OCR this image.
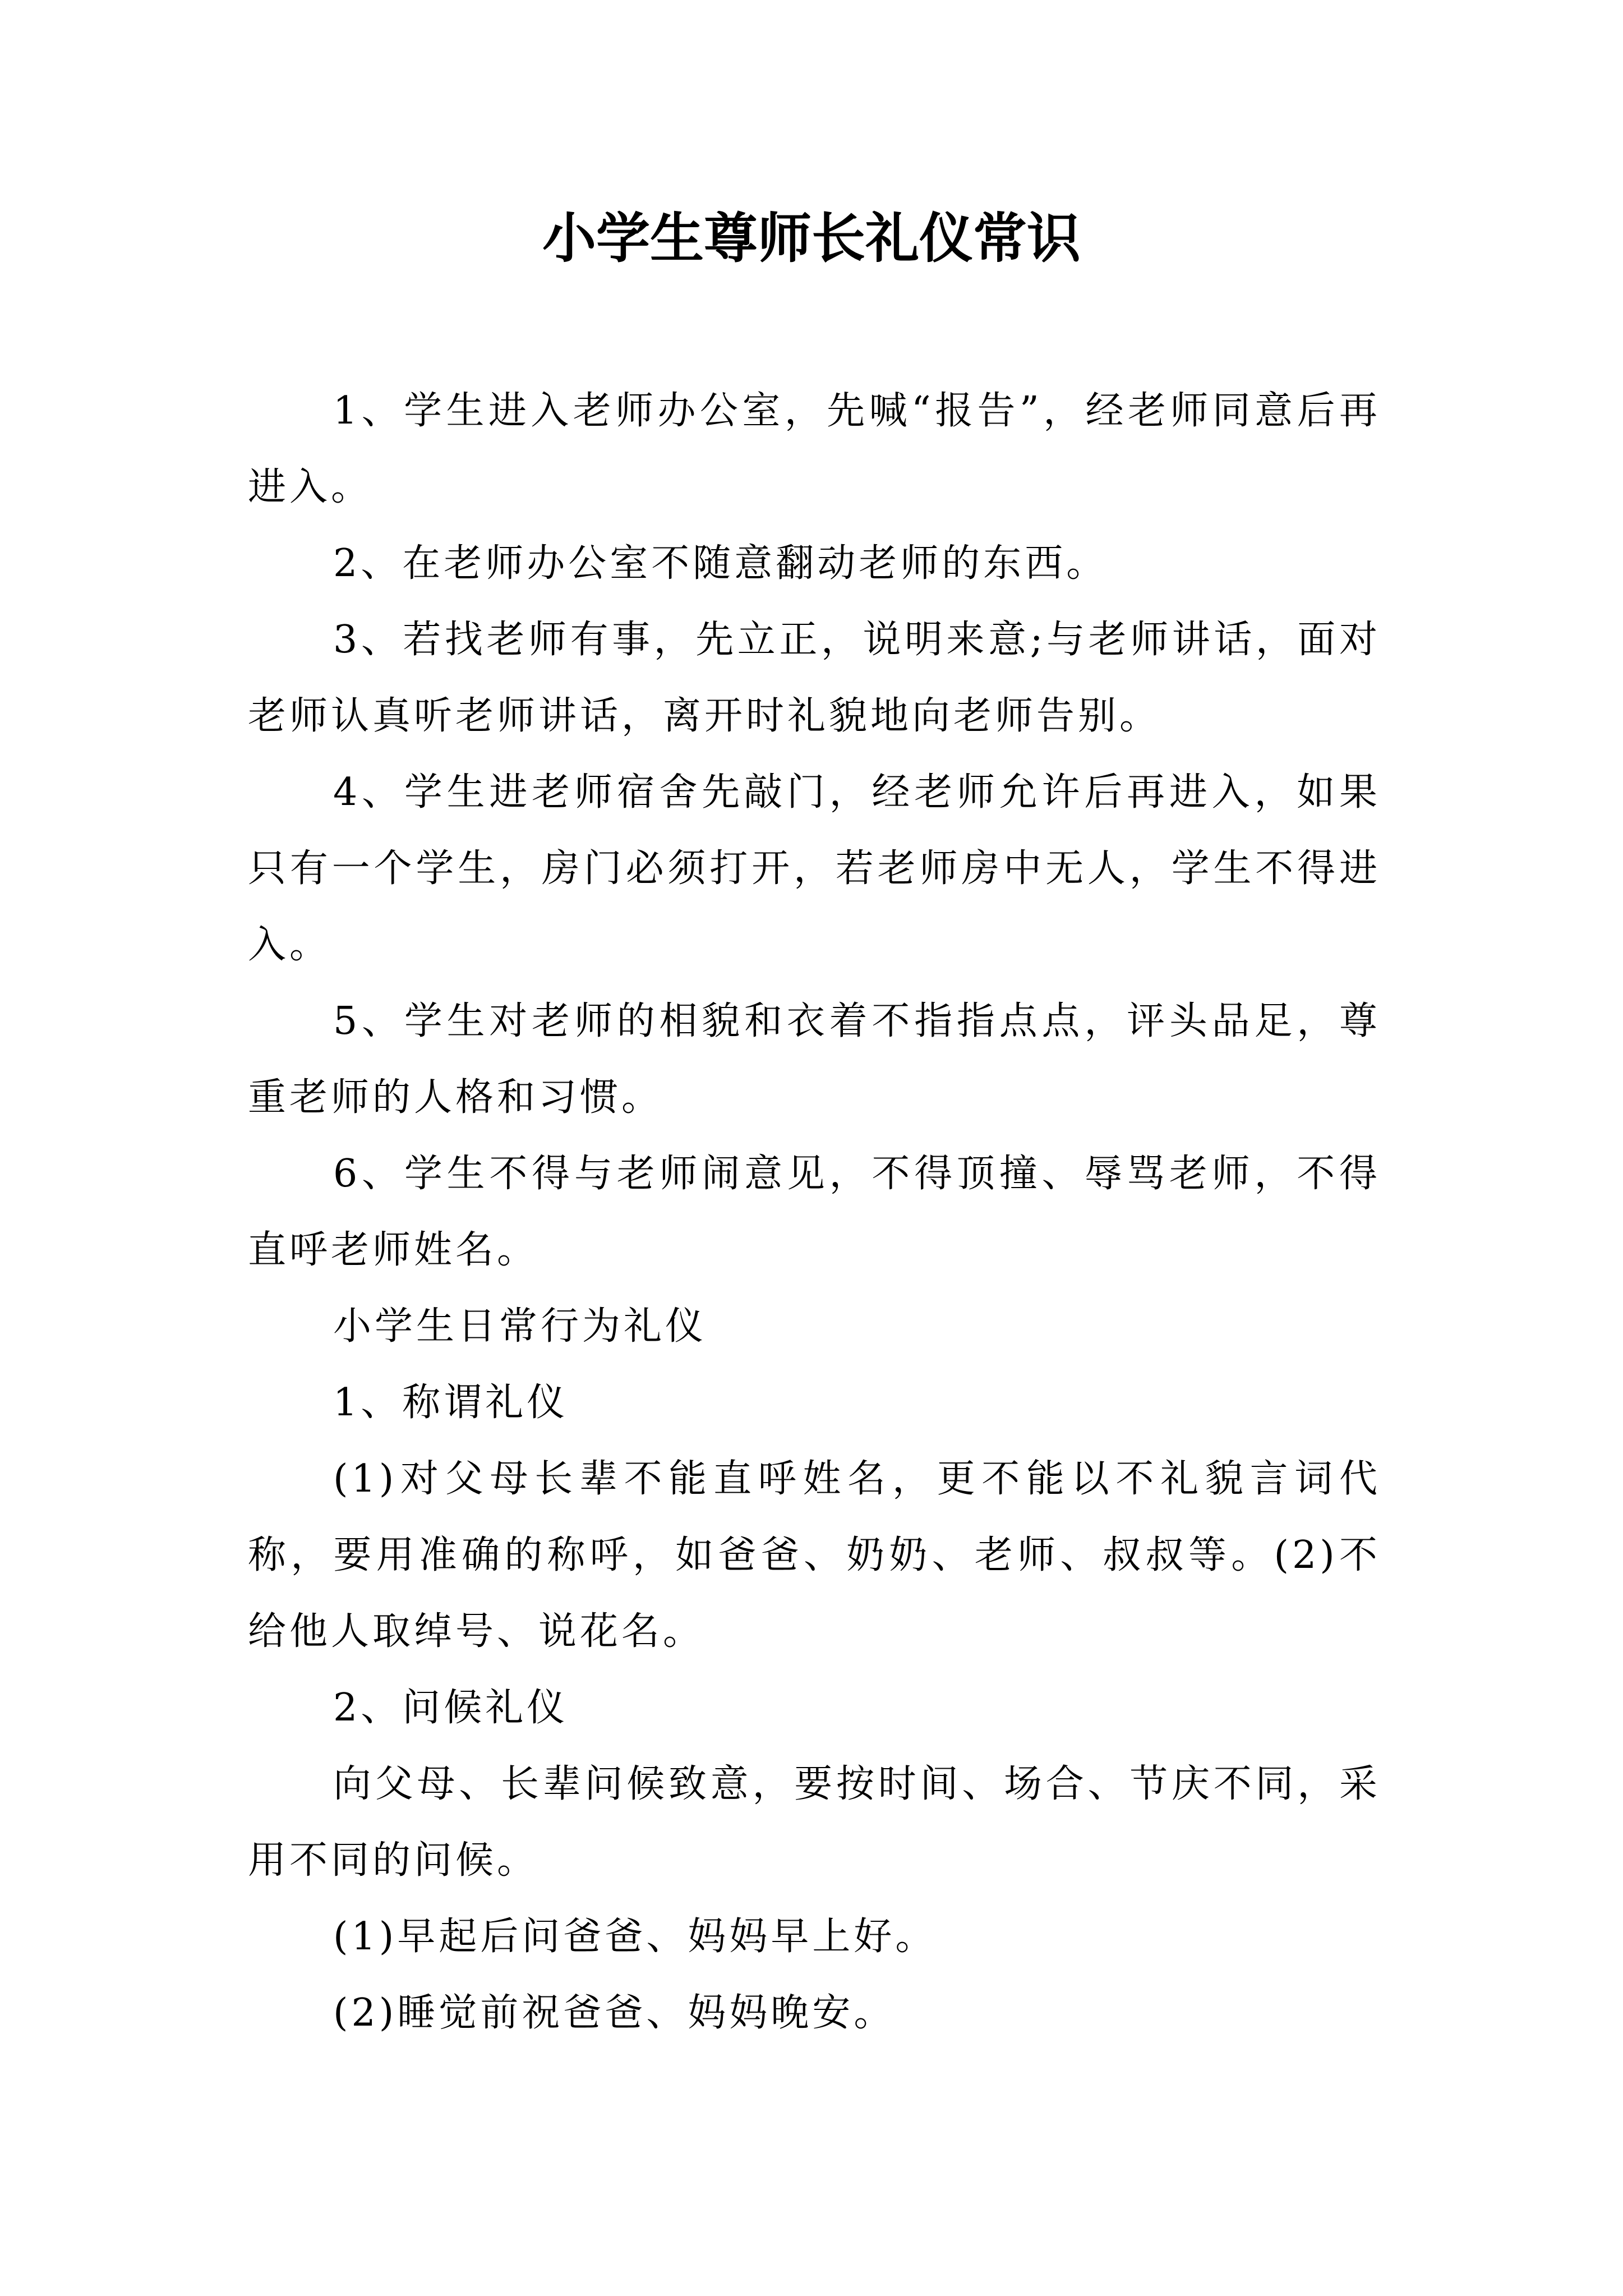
小学生尊师长礼仪常识

1、学生进入老师办公室，先喊“报告”，经老师同意后再进入。

2、在老师办公室不随意翻动老师的东西。

3、若找老师有事，先立正，说明来意;与老师讲话，面对老师认真听老师讲话，离开时礼貌地向老师告别。

4、学生进老师宿舍先敲门，经老师允许后再进入，如果只有一个学生，房门必须打开，若老师房中无人，学生不得进入。

5、学生对老师的相貌和衣着不指指点点，评头品足，尊重老师的人格和习惯。

6、学生不得与老师闹意见，不得顶撞、辱骂老师，不得直呼老师姓名。

小学生日常行为礼仪

1、称谓礼仪

(1)对父母长辈不能直呼姓名，更不能以不礼貌言词代称，要用准确的称呼，如爸爸、奶奶、老师、叔叔等。(2)不给他人取绰号、说花名。

2、问候礼仪

向父母、长辈问候致意，要按时间、场合、节庆不同，采用不同的问候。

(1)早起后问爸爸、妈妈早上好。

(2)睡觉前祝爸爸、妈妈晚安。
